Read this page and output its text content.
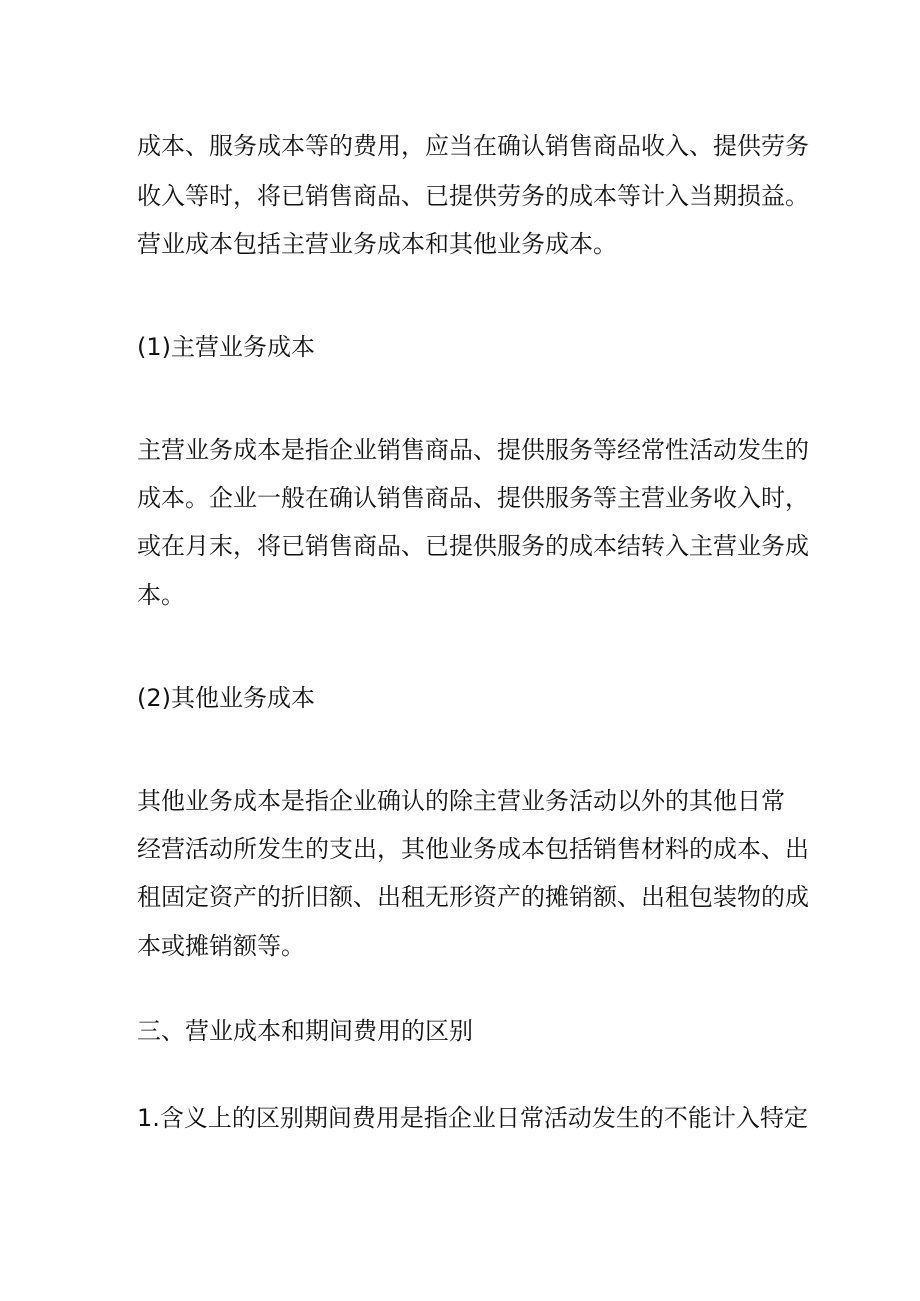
成本、服务成本等的费用，应当在确认销售商品收入、提供劳务
收入等时，将已销售商品、已提供劳务的成本等计入当期损益。
营业成本包括主营业务成本和其他业务成本。
(1)主营业务成本
主营业务成本是指企业销售商品、提供服务等经常性活动发生的
成本。企业一般在确认销售商品、提供服务等主营业务收入时，
或在月末，将已销售商品、已提供服务的成本结转入主营业务成
本。
(2)其他业务成本
其他业务成本是指企业确认的除主营业务活动以外的其他日常
经营活动所发生的支出，其他业务成本包括销售材料的成本、出
租固定资产的折旧额、出租无形资产的摊销额、出租包装物的成
本或摊销额等。
三、营业成本和期间费用的区别
1.含义上的区别期间费用是指企业日常活动发生的不能计入特定
